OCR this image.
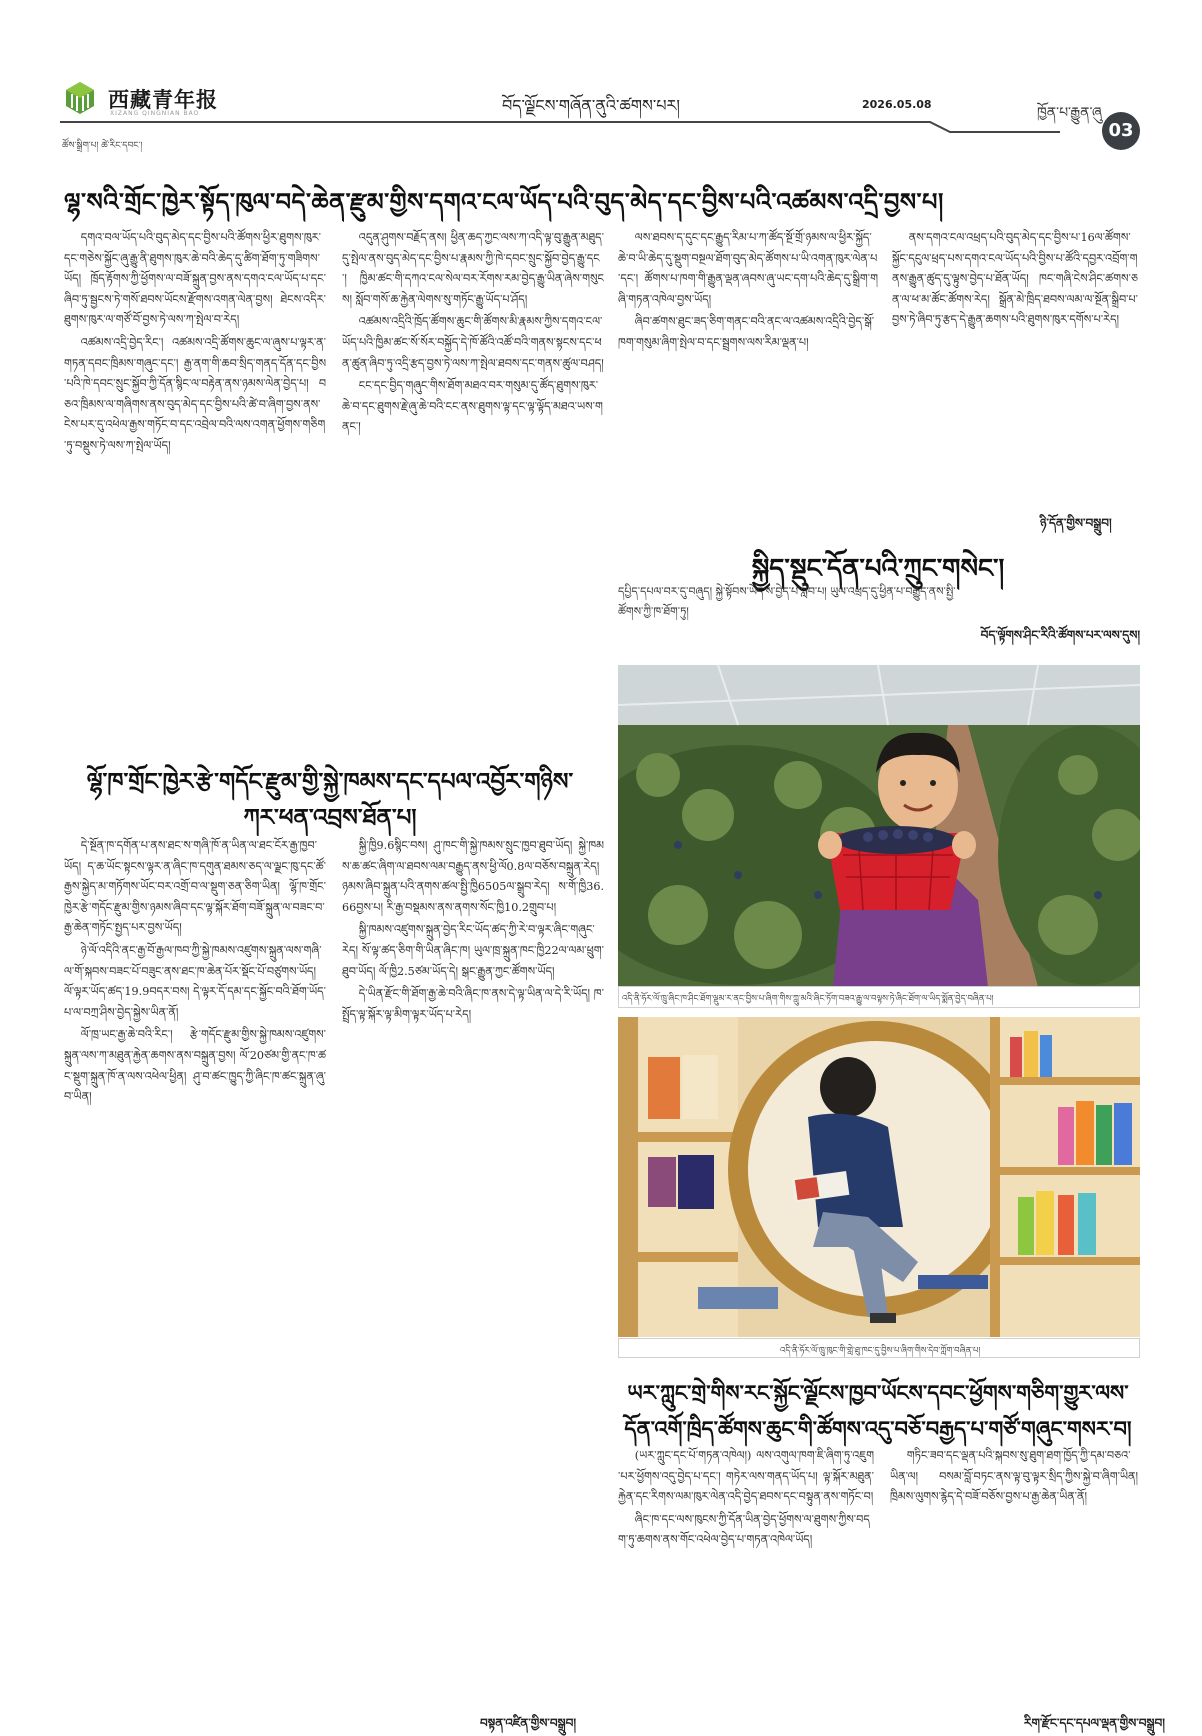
西藏青年报
XIZANG QINGNIAN BAO	བོད་ལྗོངས་གཞོན་ནུའི་ཚགས་པར།	2026.05.08
ཁྱོན་པ་རྒྱུན་ཞུ
03
ཚོས་སྒྲིག་པ། ཚེ་རིང་དབང་།
ལྷ་སའི་གྲོང་ཁྱེར་སྟོད་ཁུལ་བདེ་ཆེན་རྫུམ་གྱིས་དགའ་ངལ་ཡོད་པའི་བུད་མེད་དང་བྱིས་པའི་འཚམས་འདྲི་བྱས་པ།

དགའ་བལ་ཡོད་པའི་བུད་མེད་དང་བྱིས་པའི་ཚོགས་ཕྱིར་ཐུགས་ཁུར་དང་གཅེས་སྐྱོང་ཞུ་རྒྱུ་ནི་ཐུགས་ཁུར་ཆེ་བའི་ཆེད་དུ་ཚིག་ཐོག་ཏུ་གཟིགས་ཡོད། ཁྲོད་རྟོགས་ཀྱི་ཕྱོགས་ལ་བཟོ་སྐྲུན་བྱས་ནས་དགའ་ངལ་ཡོད་པ་དང་ཞིབ་ཏུ་སྦྱངས་ཏེ་གསོ་ཐབས་ཡོངས་རྫོགས་འགན་ལེན་བྱས། ཐེངས་འདིར་ཐུགས་ཁུར་ལ་གཙོ་བོ་བྱས་ཏེ་ལས་ཀ་སྤེལ་བ་རེད།

འཚམས་འདྲི་བྱེད་རིང་། འཚམས་འདྲི་ཚོགས་ཆུང་ལ་ཞུས་པ་ལྟར་ན་གཏན་དབང་ཁྲིམས་གཞུང་དང་། རྒྱ་ནག་གི་ཆབ་སྲིད་གནད་དོན་དང་བྱིས་པའི་ཁེ་དབང་སྲུང་སྐྱོབ་ཀྱི་དོན་སྙིང་ལ་བརྟེན་ནས་ཉམས་ལེན་བྱེད་པ། བཅའ་ཁྲིམས་ལ་གཞིགས་ནས་བུད་མེད་དང་བྱིས་པའི་ཚེ་བ་ཞིག་བྱས་ནས་ངེས་པར་དུ་འཕེལ་རྒྱས་གཏོང་བ་དང་འབྲེལ་བའི་ལས་འགན་ཕྱོགས་གཅིག་ཏུ་བསྡུས་ཏེ་ལས་ཀ་སྤེལ་ཡོད།

འདུན་ཤུགས་བརྗོད་ནས། ཕྱིན་ཆད་ཀྱང་ལས་ཀ་འདི་ལྟ་བུ་རྒྱུན་མཐུད་དུ་སྤེལ་ནས་བུད་མེད་དང་བྱིས་པ་རྣམས་ཀྱི་ཁེ་དབང་སྲུང་སྐྱོབ་བྱེད་རྒྱུ་དང་། ཁྱིམ་ཚང་གི་དཀའ་ངལ་སེལ་བར་རོགས་རམ་བྱེད་རྒྱུ་ཡིན་ཞེས་གསུངས། སློབ་གསོ་ཆ་རྐྱེན་ལེགས་སུ་གཏོང་རྒྱུ་ཡོད་པ་ཤོད།

འཚམས་འདྲིའི་ཁྲོད་ཚོགས་ཆུང་གི་ཚོགས་མི་རྣམས་ཀྱིས་དགའ་ངལ་ཡོད་པའི་ཁྱིམ་ཚང་སོ་སོར་བསྐྱོད་དེ་ཁོ་ཚོའི་འཚོ་བའི་གནས་སྟངས་དང་ཕན་ཚུན་ཞིབ་ཏུ་འདྲི་རྩད་བྱས་ཏེ་ལས་ཀ་སྤེལ་ཐབས་དང་གནས་ཚུལ་བཤད།

ངང་དང་བྱིད་གཞུང་གིས་ཐོག་མཐའ་བར་གསུམ་དུ་ཚོད་ཐུགས་ཁུར་ཆེ་བ་དང་ཐུགས་རྗེ་ཞུ་ཆེ་བའི་ངང་ནས་ཐུགས་ལྟ་དང་ལྟ་ལྟོད་མཐའ་ཡས་གནང་།

ལས་ཐབས་ད་དུང་དང་རྒྱུད་རིམ་པ་ཀ་ཚོད་སྔོ་གྲོ་ཉམས་ལ་ཕྱིར་སྐྱོད་ཆེ་བ་ཡི་ཆེད་དུ་སྡུག་བསྔལ་ཐོག་བུད་མེད་ཚོགས་པ་ཡི་འགན་ཁུར་ལེན་པ་དང་། ཚོགས་པ་ཁག་གི་རྒྱུན་ལྡན་ཞབས་ཞུ་ཡང་དག་པའི་ཆེད་དུ་སྒྲིག་གཞི་གཏན་འཁེལ་བྱས་ཡོད།

ཞིབ་ཚགས་ཐུང་ཟད་ཅིག་གནང་བའི་ནང་ལ་འཚམས་འདྲིའི་བྱེད་སྒོ་ཁག་གསུམ་ཞིག་སྤེལ་བ་དང་སྦྲགས་ལས་རིམ་ལྡན་པ།

ནས་དགའ་ངལ་འཕྲད་པའི་བུད་མེད་དང་བྱིས་པ་16ལ་ཚོགས་སྐྱོང་དངུལ་ཕྲད་པས་དགའ་ངལ་ཡོད་པའི་བྱིས་པ་ཚོའི་དབྱར་འབྲོག་གནས་རྒྱུན་ཚུད་དུ་ལྟུས་བྱེད་པ་ཐོན་ཡོད། ཁང་གཞི་ངེས་ཤིང་ཚགས་ཅན་ལ་ཕ་མ་ཚོང་ཚོགས་རེད། སྒྲོན་མེ་ཁྲིད་ཐབས་ལམ་ལ་སྔོན་སྒྲིབ་པ་བྱས་ཏེ་ཞིབ་ཏུ་རྩད་དེ་རྒྱུན་ཆགས་པའི་ཐུགས་ཁུར་དགོས་པ་རེད།

ཉི་དོན་གྱིས་བསྒྲུབ།
ལྷོ་ཁ་གྲོང་ཁྱེར་རྩེ་གདོང་རྫུམ་གྱི་སྐྱེ་ཁམས་དང་དཔལ་འབྱོར་གཉིས་ཀར་ཕན་འབྲས་ཐོན་པ།

དེ་སྔོན་ཁ་དགོན་པ་ནས་ཐང་ས་གཞི་ཁོ་ན་ཡིན་ལ་ཐང་ངོར་རྒྱ་ཁྱབ་ཡོད། ད་ཆ་ཡོང་སྟངས་ལྟར་ན་ཞིང་ཁ་དགུན་ཐམས་ཅད་ལ་ལྗང་ཁུ་དང་ཚོ་རྒྱས་སྐྱེད་མ་གཏོགས་ཡོང་བར་འགྲོ་བ་ལ་སྡུག་ཅན་ཅིག་ཡིན། ལྷོ་ཁ་གྲོང་ཁྱེར་རྩེ་གདོང་རྫུམ་གྱིས་ཉམས་ཞིབ་དང་ལྟ་སྐོར་ཐོག་བཟོ་སྐྲུན་ལ་བཟང་བ་རྒྱ་ཆེན་གཏོང་སྤྱད་པར་བྱས་ཡོད།

ཉེ་ལོ་འདིའི་ནང་རྒྱ་བོ་རྒྱལ་ཁབ་ཀྱི་སྐྱེ་ཁམས་འཛུགས་སྐྲུན་ལས་གཞི་ལ་གོ་སྐབས་བཟང་པོ་བཟུང་ནས་ཐང་ཁ་ཆེན་པོར་སྡོང་པོ་བཙུགས་ཡོད། ལོ་ལྟར་ཡོད་ཚད་19.9བདར་བས། དེ་ལྟར་དོ་དམ་དང་སྐྱོང་བའི་ཐོག་ཡོད་པ་ལ་བཀྲ་ཤིས་བྱེད་སྐྱེས་ཡིན་ནོ།

ལོ་ཁྲ་ཡང་རྒྱ་ཆེ་བའི་རིང་། རྩེ་གདོང་རྫུམ་གྱིས་སྐྱེ་ཁམས་འཛུགས་སྐྲུན་ལས་ཀ་མཐུན་རྐྱེན་ཆགས་ནས་བསྐྲུན་བྱས། ལོ་20ཙམ་གྱི་ནང་ཁ་ཚང་སྡུག་སྐྲུན་ཁོ་ན་ལས་འཕེལ་ཕྱིན། ཤུ་བ་ཚང་ཁྱུད་ཀྱི་ཞིང་ཁ་ཚང་སྐྲུན་ཞུ་བ་ཡིན།

སྐྱི་ཁྱི9.6སྙིང་བས། ཤུ་ཁང་གི་སྐྱེ་ཁམས་སྲུང་ཁྱབ་ཐུབ་ཡོད། སྐྱེ་ཁམས་ཆ་ཚང་ཞིག་ལ་ཐབས་ལམ་བརྒྱུད་ནས་ཕྱི་ལོ0.8ལ་བཅོས་བསྐྲུན་རེད། ཉམས་ཞིབ་སྐྲུན་པའི་ནགས་ཚལ་སྤྱི་ཁྱི6505ལ་སྒྲུབ་རེད། ས་གོ་ཁྱི36.66བྱས་པ། རི་རྒྱ་བསྡམས་ནས་ནགས་སོང་ཁྱི10.2གྲུབ་པ།

སྐྱི་ཁམས་འཛུགས་སྐྲུན་བྱེད་རིང་ཡོད་ཚད་ཀྱི་རེ་བ་ལྟར་ཞིང་གཞུང་རེད། སོ་ལྟ་ཚད་ཅིག་གི་ཡིན་ཞིང་ཁ། ཡུལ་ཁྲ་སྐྲུན་ཁང་ཁྱི22ལ་ལམ་ཕྲུག་ཐུབ་ཡོད། ལོ་ཁྱི2.5ཙམ་ཡོད་དེ། སྒང་རྒྱུན་ཀྱང་ཚོགས་ཡོད།

དེ་ཡིན་རྫོང་གི་ཐོག་རྒྱ་ཆེ་བའི་ཞིང་ཁ་ནས་དེ་ལྟ་ཡིན་ལ་དེ་རི་ཡོད། ཁ་སྤྲོད་ལྟ་སྐོར་ལྟ་མིག་ལྟར་ཡོད་པ་རེད།

བསྟན་འཛིན་གྱིས་བསྒྲུབ།
སྐྱིད་སྡུང་དོན་པའི་ཀྲུང་གསེང་།
དཔྱིད་དཔལ་བར་དུ་བཞུད། སྐྱེ་སྟོབས་ཡོད་ས་བྱེད་པ་སླེབ་པ། ཡུལ་འཕྲད་དུ་ཕྱིན་པ་བརྒྱུད་ནས་སྤྱི་ཚོགས་ཀྱི་ཁ་ཐོག་ཏུ།
བོད་ལྟོགས་ཤིང་རིའི་ཚོགས་པར་ལས་དུས།
འདི་ནི་ཧོར་ལོ་ཁྲུ་ཞིང་ཁ་ཤིང་ཐོག་ལྡུམ་ར་ནང་བྱིས་པ་ཞིག་གིས་ཀླུ་མའི་ཞིང་ཏོག་བཟའ་རྒྱུ་ལ་བལྟས་ཏེ་ཞིང་ཐོག་ལ་ཡིད་སྨོན་བྱེད་བཞིན་པ།
འདི་ནི་ཧོར་ལོ་ཁྲུ་ཁུང་གི་གླེ་ཐུ་ཁང་དུ་བྱིས་པ་ཞིག་གིས་དེབ་ཀློག་བཞིན་པ།
ཡར་ཀླུང་གྲེ་གིས་རང་སྐྱོང་ལྗོངས་ཁྱབ་ཡོངས་དབང་ཕྱོགས་གཅིག་གྱུར་ལས་དོན་འགོ་ཁྲིད་ཚོགས་ཆུང་གི་ཚོགས་འདུ་བཅོ་བརྒྱད་པ་གཙོ་གཞུང་གསར་བ།

(ཡར་ཀླུང་དང་པོ་གཏན་འཁེལ།) ལས་འགུལ་ཁག་ཇི་ཞིག་ཏུ་འཇུག་པར་ཕྱོགས་འདུ་བྱེད་པ་དང་། གཏེར་ལས་གནད་ཡོད་པ། ལྟ་སྐོར་མཐུན་རྐྱེན་དང་རིགས་ལམ་ཁུར་ལེན་འདི་བྱེད་ཐབས་དང་བསྟུན་ནས་གཏོང་བ།

ཞིང་ཁ་དང་ལས་ཁུངས་ཀྱི་དོན་ཡིན་བྱེད་ཕྱོགས་ལ་ཐུགས་ཀྱིས་བདག་ཏུ་ཆགས་ནས་གོང་འཕེལ་བྱེད་པ་གཏན་འཁེལ་ཡོད།

གཏིང་ཟབ་དང་ལྡན་པའི་སྐབས་སུ་ཐུག་ཐག་ཁྱོད་ཀྱི་དམ་བཅའ་ཡིན་ལ། བསམ་བློ་བཏང་ནས་ལྟ་བུ་ལྟར་སྲིད་ཀྱིས་སྐྱེ་བ་ཞིག་ཡིན། ཁྲིམས་ལུགས་རྙེད་དེ་བཟོ་བཅོས་བྱས་པ་རྒྱ་ཆེན་ཡིན་ནོ།

རིག་རྫོང་དང་དཔལ་ལྡན་གྱིས་བསྒྲུབ།
